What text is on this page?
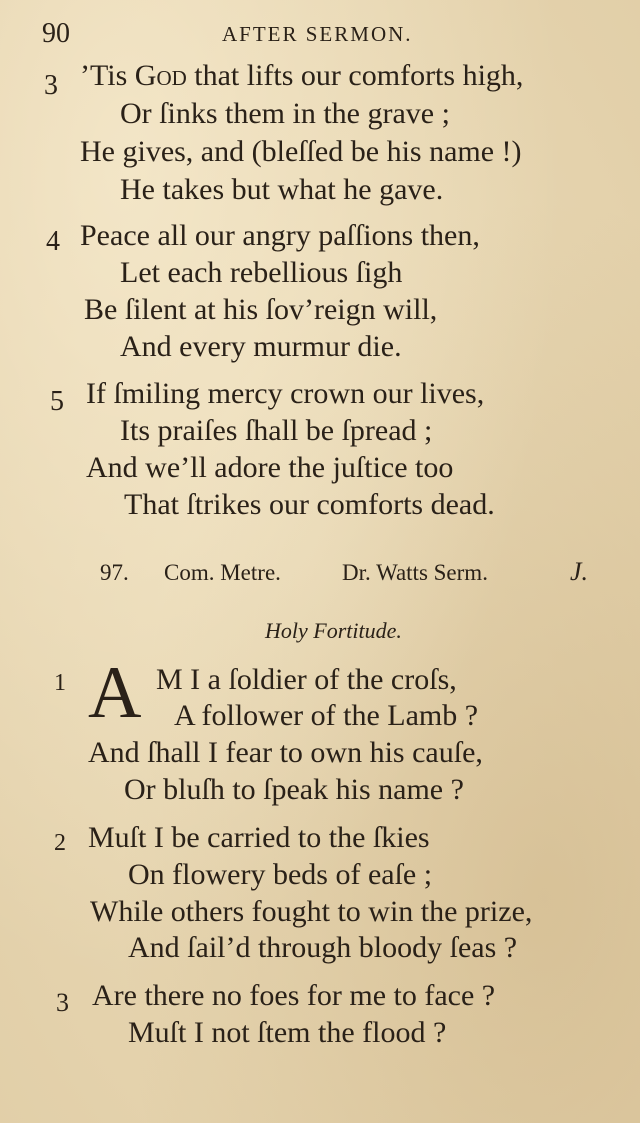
90	AFTER SERMON.
3 ’Tis God that lifts our comforts high,
Or ſinks them in the grave ;
He gives, and (bleſſed be his name !)
He takes but what he gave.
4 Peace all our angry paſſions then,
Let each rebellious ſigh
Be ſilent at his ſov’reign will,
And every murmur die.
5 If ſmiling mercy crown our lives,
Its praiſes ſhall be ſpread ;
And we’ll adore the juſtice too
That ſtrikes our comforts dead.
97. Com. Metre.	Dr. Watts Serm.	J.
Holy Fortitude.
1 A M I a ſoldier of the croſs,
A follower of the Lamb ?
And ſhall I fear to own his cauſe,
Or bluſh to ſpeak his name ?
2 Muſt I be carried to the ſkies
On flowery beds of eaſe ;
While others fought to win the prize,
And ſail’d through bloody ſeas ?
3 Are there no foes for me to face ?
Muſt I not ſtem the flood ?
